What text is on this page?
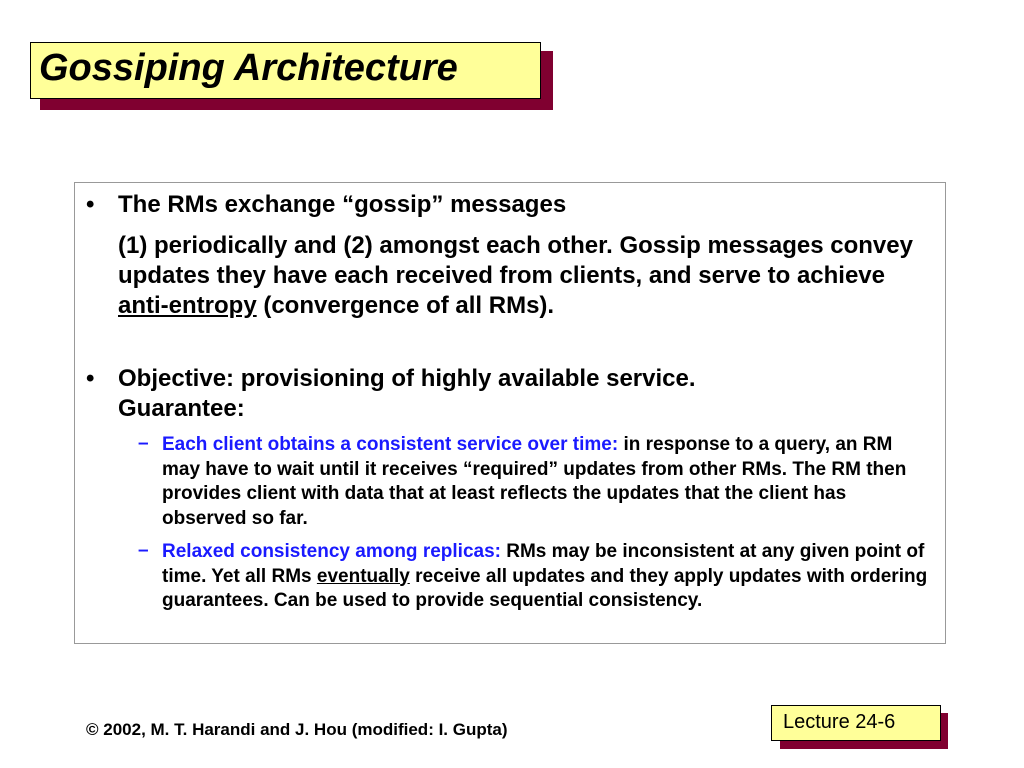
Gossiping Architecture
• The RMs exchange “gossip” messages
(1) periodically and (2) amongst each other. Gossip messages convey updates they have each received from clients, and serve to achieve anti-entropy (convergence of all RMs).
• Objective: provisioning of highly available service. Guarantee:
– Each client obtains a consistent service over time: in response to a query, an RM may have to wait until it receives “required” updates from other RMs. The RM then provides client with data that at least reflects the updates that the client has observed so far.
– Relaxed consistency among replicas: RMs may be inconsistent at any given point of time. Yet all RMs eventually receive all updates and they apply updates with ordering guarantees. Can be used to provide sequential consistency.
© 2002, M. T. Harandi and J. Hou (modified: I. Gupta)	Lecture 24-6
